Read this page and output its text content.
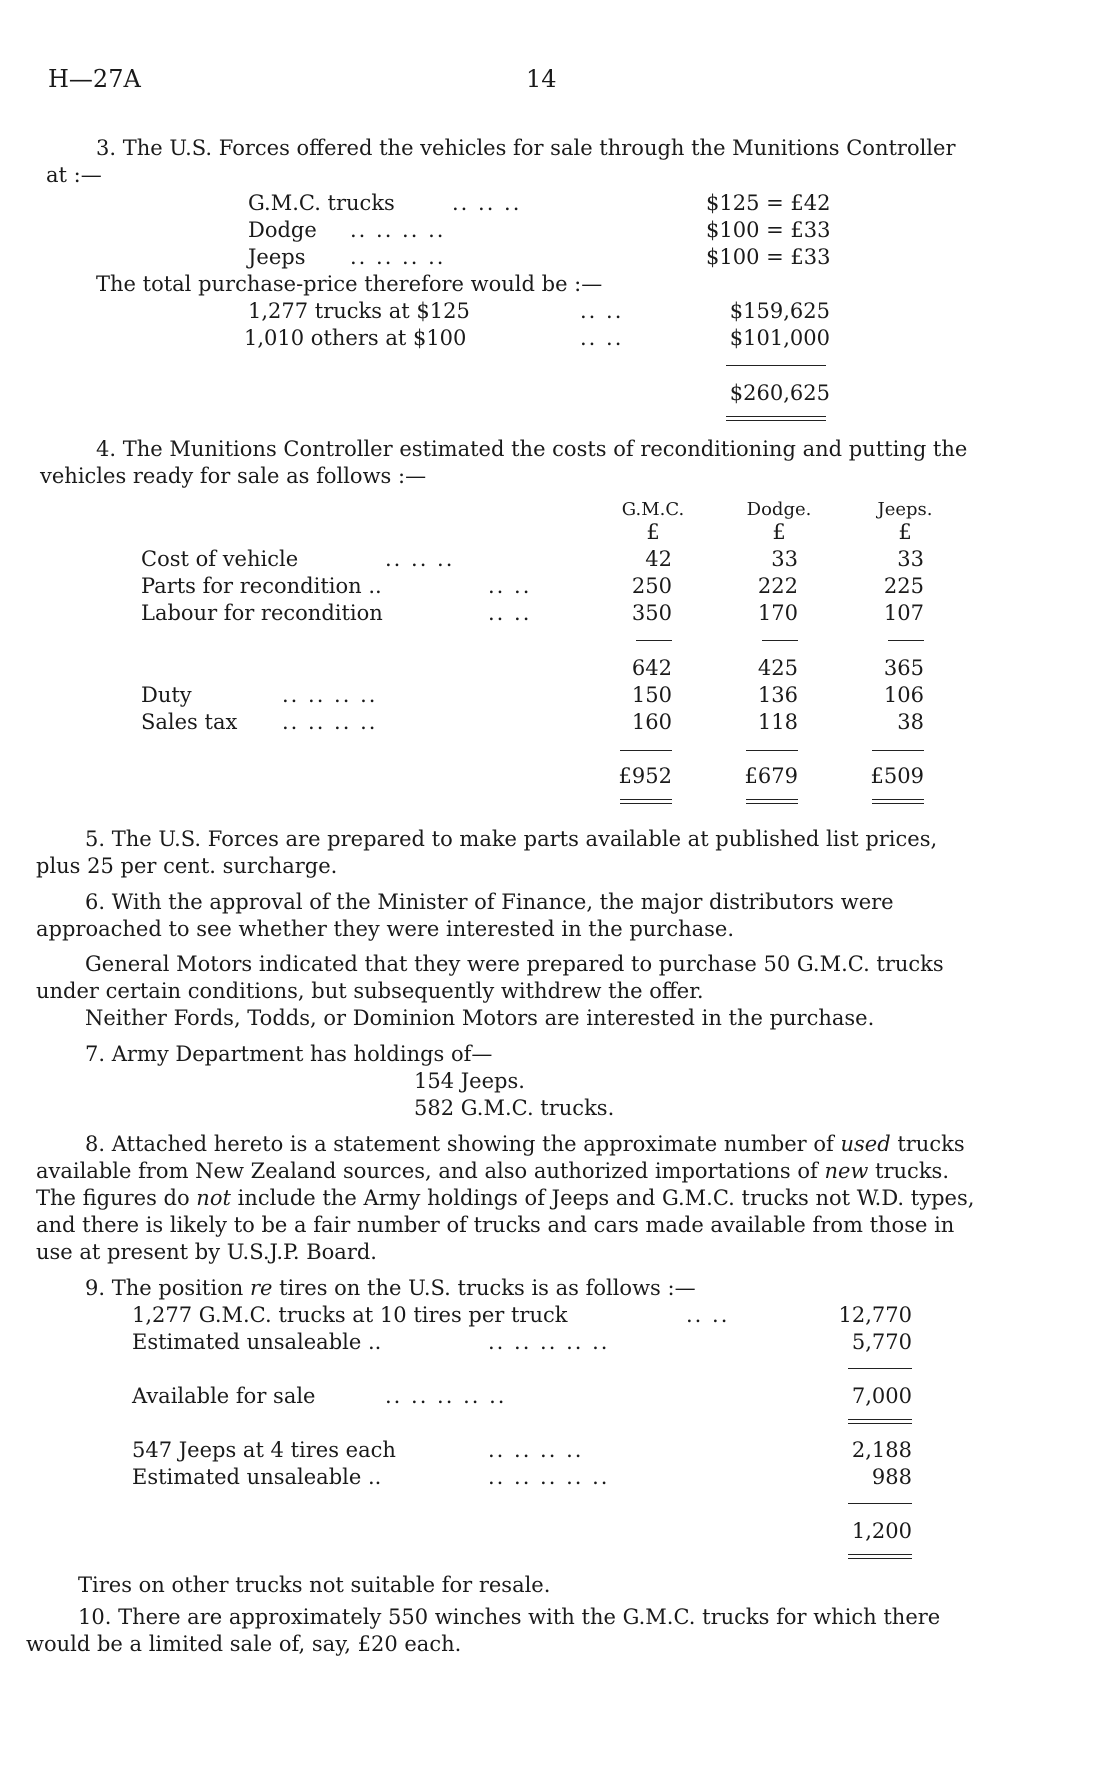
H—27A	14
3. The U.S. Forces offered the vehicles for sale through the Munitions Controller
at :—
G.M.C. trucks	.. .. ..	$125 = £42
Dodge .. .. .. ..	$100 = £33
Jeeps .. .. .. ..	$100 = £33
The total purchase-price therefore would be :—
1,277 trucks at $125	.. ..	$159,625
1,010 others at $100	.. ..	$101,000
$260,625
4. The Munitions Controller estimated the costs of reconditioning and putting the
vehicles ready for sale as follows :—
G.M.C.	Dodge.	Jeeps.
£	£	£
Cost of vehicle	.. .. ..	42	33	33
Parts for recondition ..	.. ..	250	222	225
Labour for recondition	.. ..	350	170	107
642	425	365
Duty	.. .. .. ..	150	136	106
Sales tax .. .. .. ..	160	118	38
£952	£679	£509
5. The U.S. Forces are prepared to make parts available at published list prices,
plus 25 per cent. surcharge.
6. With the approval of the Minister of Finance, the major distributors were
approached to see whether they were interested in the purchase.
General Motors indicated that they were prepared to purchase 50 G.M.C. trucks
under certain conditions, but subsequently withdrew the offer.
Neither Fords, Todds, or Dominion Motors are interested in the purchase.
7. Army Department has holdings of—
154 Jeeps.
582 G.M.C. trucks.
8. Attached hereto is a statement showing the approximate number of used trucks
available from New Zealand sources, and also authorized importations of new trucks.
The figures do not include the Army holdings of Jeeps and G.M.C. trucks not W.D. types,
and there is likely to be a fair number of trucks and cars made available from those in
use at present by U.S.J.P. Board.
9. The position re tires on the U.S. trucks is as follows :—
1,277 G.M.C. trucks at 10 tires per truck	.. ..	12,770
Estimated unsaleable ..	.. .. .. .. ..	5,770
Available for sale	.. .. .. .. ..	7,000
547 Jeeps at 4 tires each	.. .. .. ..	2,188
Estimated unsaleable ..	.. .. .. .. ..	988
1,200
Tires on other trucks not suitable for resale.
10. There are approximately 550 winches with the G.M.C. trucks for which there
would be a limited sale of, say, £20 each.
